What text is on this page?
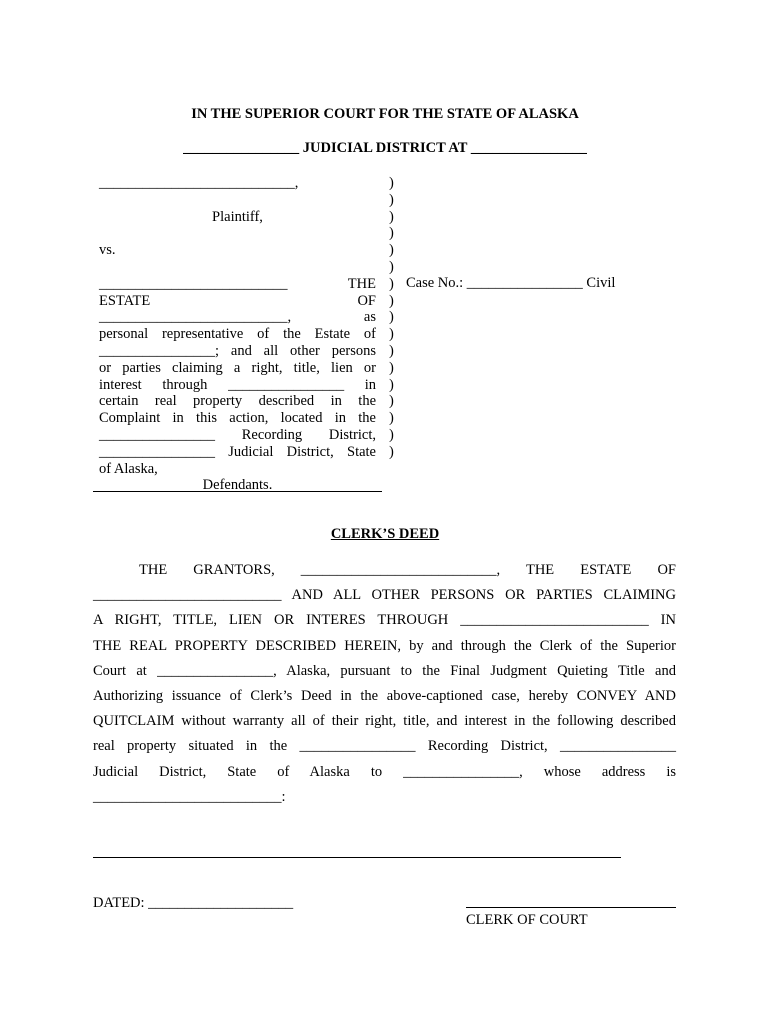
IN THE SUPERIOR COURT FOR THE STATE OF ALASKA
________________ JUDICIAL DISTRICT AT ________________
___________________________,
Plaintiff,
vs.
__________________________ THE
ESTATE OF
__________________________, as
personal representative of the Estate of
________________; and all other persons
or parties claiming a right, title, lien or
interest through ________________ in
certain real property described in the
Complaint in this action, located in the
________________ Recording District,
________________ Judicial District, State
of Alaska,
Defendants.
)
)
)
)
)
)
)
)
)
)
)
)
)
)
)
)
)
Case No.: ________________ Civil
CLERK’S DEED
THE GRANTORS, ___________________________, THE ESTATE OF
__________________________ AND ALL OTHER PERSONS OR PARTIES CLAIMING
A RIGHT, TITLE, LIEN OR INTERES THROUGH __________________________ IN
THE REAL PROPERTY DESCRIBED HEREIN, by and through the Clerk of the Superior
Court at ________________, Alaska, pursuant to the Final Judgment Quieting Title and
Authorizing issuance of Clerk’s Deed in the above-captioned case, hereby CONVEY AND
QUITCLAIM without warranty all of their right, title, and interest in the following described
real property situated in the ________________ Recording District, ________________
Judicial District, State of Alaska to ________________, whose address is
__________________________:
DATED: ____________________
CLERK OF COURT
